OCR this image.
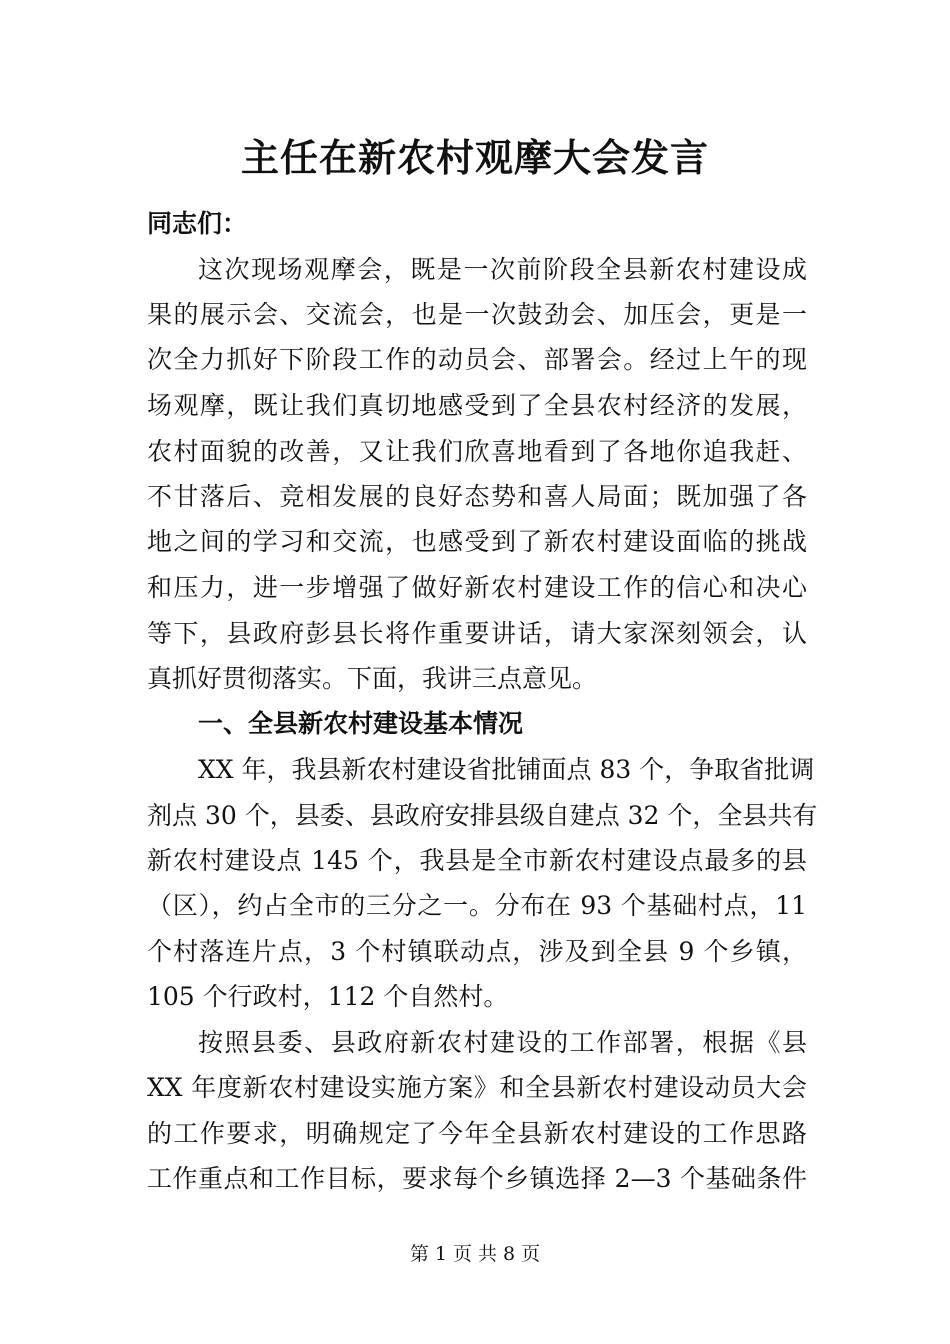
主任在新农村观摩大会发言
同志们：
这次现场观摩会，既是一次前阶段全县新农村建设成
果的展示会、交流会，也是一次鼓劲会、加压会，更是一
次全力抓好下阶段工作的动员会、部署会。经过上午的现
场观摩，既让我们真切地感受到了全县农村经济的发展，
农村面貌的改善，又让我们欣喜地看到了各地你追我赶、
不甘落后、竞相发展的良好态势和喜人局面；既加强了各
地之间的学习和交流，也感受到了新农村建设面临的挑战
和压力，进一步增强了做好新农村建设工作的信心和决心
等下，县政府彭县长将作重要讲话，请大家深刻领会，认
真抓好贯彻落实。下面，我讲三点意见。
一、全县新农村建设基本情况
XX 年，我县新农村建设省批铺面点 83 个，争取省批调
剂点 30 个，县委、县政府安排县级自建点 32 个，全县共有
新农村建设点 145 个，我县是全市新农村建设点最多的县
（区），约占全市的三分之一。分布在 93 个基础村点，11
个村落连片点，3 个村镇联动点，涉及到全县 9 个乡镇，
105 个行政村，112 个自然村。
按照县委、县政府新农村建设的工作部署，根据《县
XX 年度新农村建设实施方案》和全县新农村建设动员大会
的工作要求，明确规定了今年全县新农村建设的工作思路
工作重点和工作目标，要求每个乡镇选择 2—3 个基础条件
第 1 页 共 8 页
